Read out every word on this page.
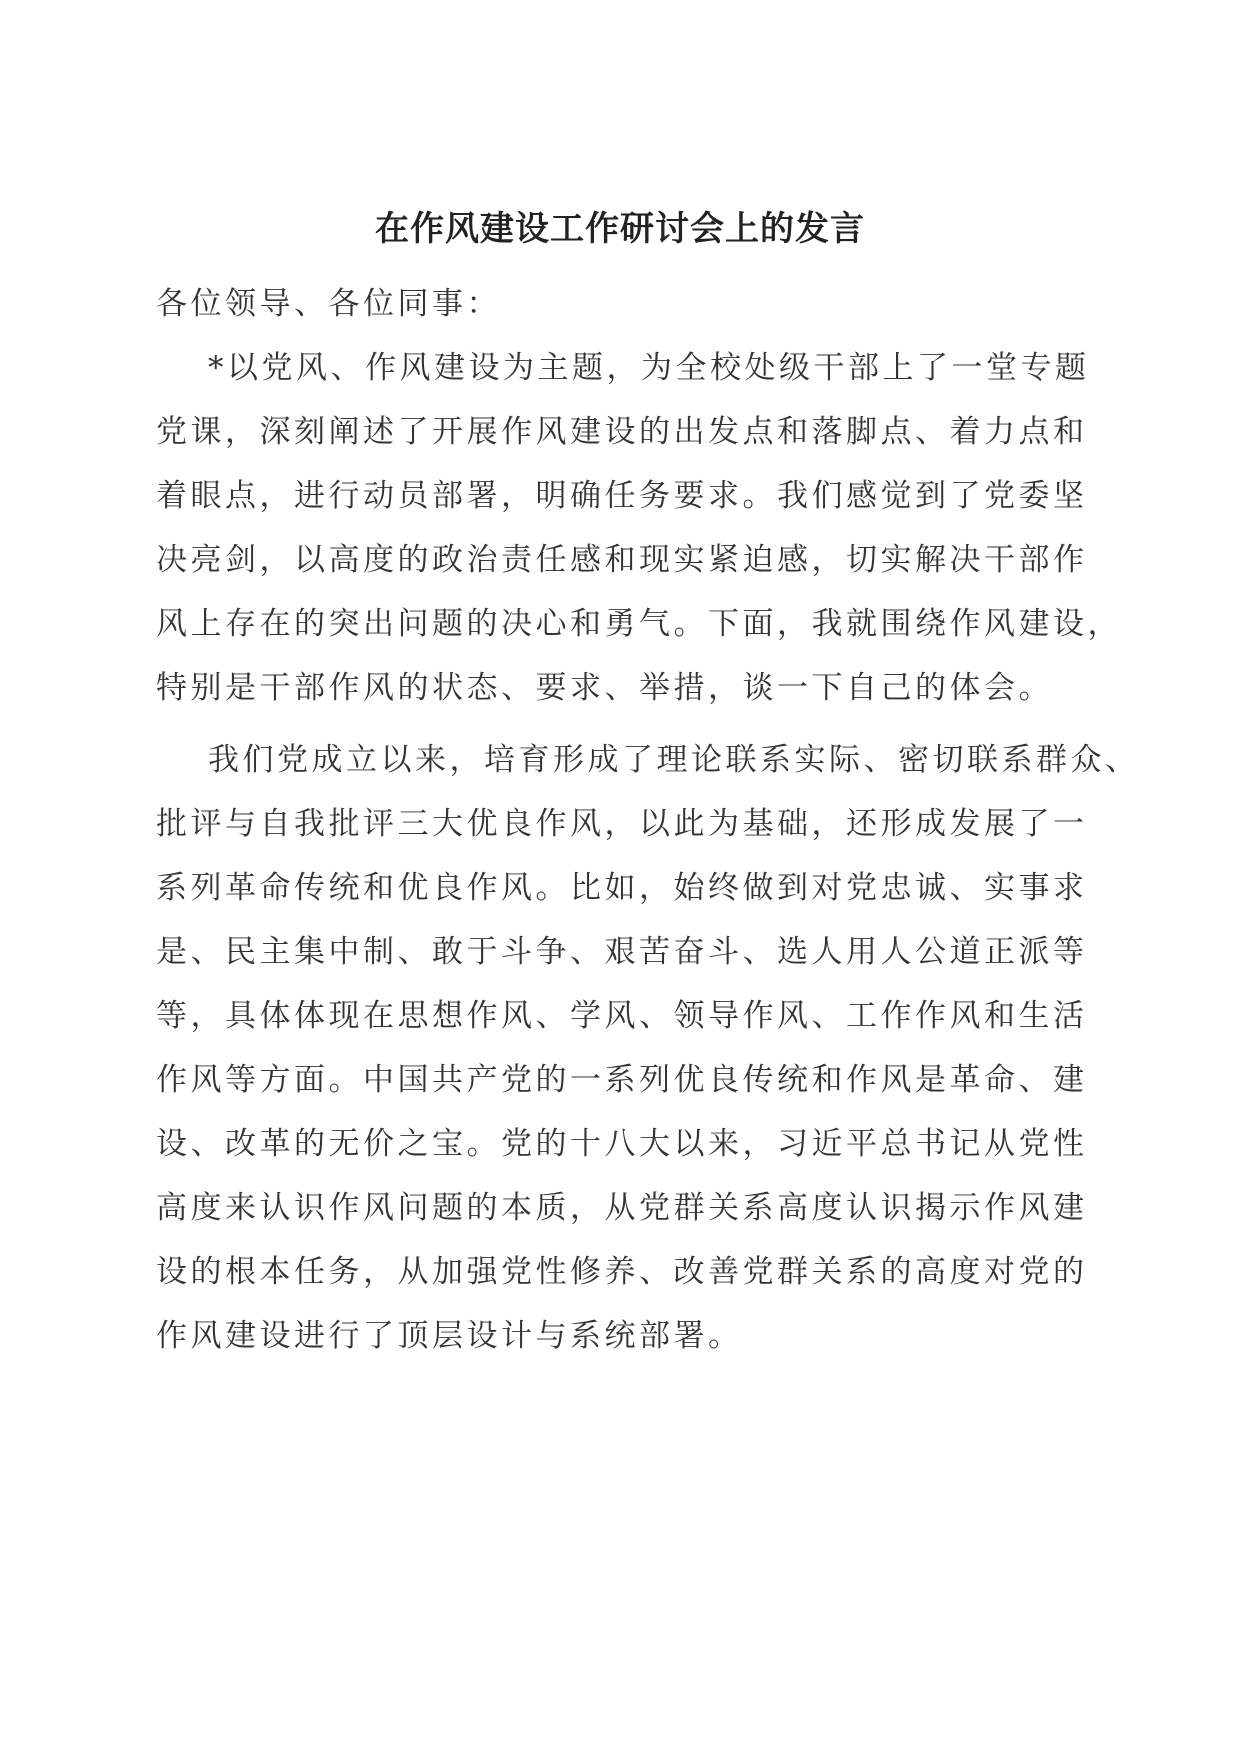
在作风建设工作研讨会上的发言

各位领导、各位同事：

*以党风、作风建设为主题，为全校处级干部上了一堂专题

党课，深刻阐述了开展作风建设的出发点和落脚点、着力点和

着眼点，进行动员部署，明确任务要求。我们感觉到了党委坚

决亮剑，以高度的政治责任感和现实紧迫感，切实解决干部作

风上存在的突出问题的决心和勇气。下面，我就围绕作风建设，

特别是干部作风的状态、要求、举措，谈一下自己的体会。

我们党成立以来，培育形成了理论联系实际、密切联系群众、

批评与自我批评三大优良作风，以此为基础，还形成发展了一

系列革命传统和优良作风。比如，始终做到对党忠诚、实事求

是、民主集中制、敢于斗争、艰苦奋斗、选人用人公道正派等

等，具体体现在思想作风、学风、领导作风、工作作风和生活

作风等方面。中国共产党的一系列优良传统和作风是革命、建

设、改革的无价之宝。党的十八大以来，习近平总书记从党性

高度来认识作风问题的本质，从党群关系高度认识揭示作风建

设的根本任务，从加强党性修养、改善党群关系的高度对党的

作风建设进行了顶层设计与系统部署。
